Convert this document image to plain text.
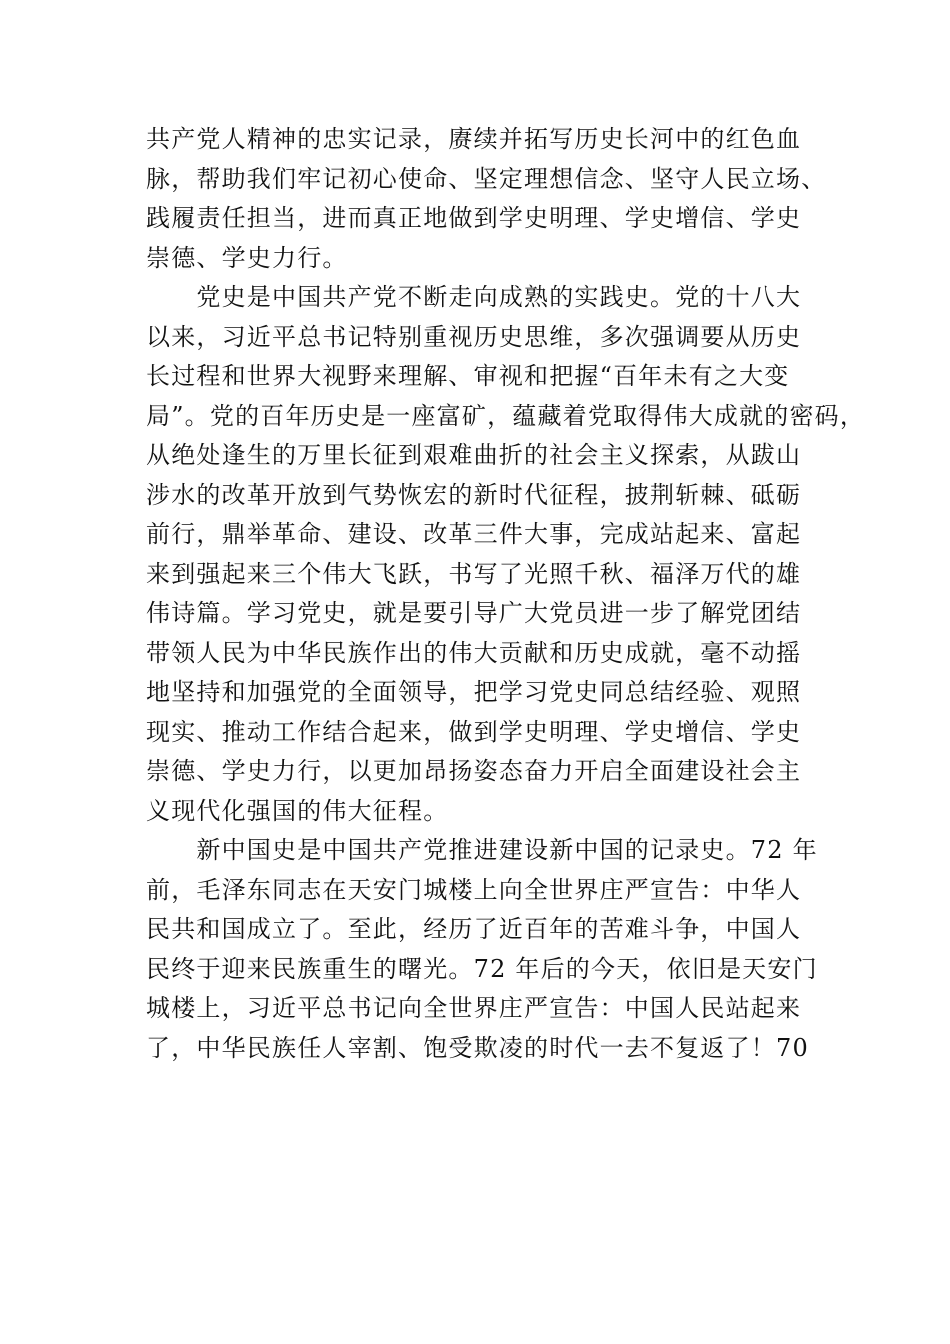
共产党人精神的忠实记录，赓续并拓写历史长河中的红色血
脉，帮助我们牢记初心使命、坚定理想信念、坚守人民立场、
践履责任担当，进而真正地做到学史明理、学史增信、学史
崇德、学史力行。
　　党史是中国共产党不断走向成熟的实践史。党的十八大
以来，习近平总书记特别重视历史思维，多次强调要从历史
长过程和世界大视野来理解、审视和把握“百年未有之大变
局”。党的百年历史是一座富矿，蕴藏着党取得伟大成就的密码，
从绝处逢生的万里长征到艰难曲折的社会主义探索，从跋山
涉水的改革开放到气势恢宏的新时代征程，披荆斩棘、砥砺
前行，鼎举革命、建设、改革三件大事，完成站起来、富起
来到强起来三个伟大飞跃，书写了光照千秋、福泽万代的雄
伟诗篇。学习党史，就是要引导广大党员进一步了解党团结
带领人民为中华民族作出的伟大贡献和历史成就，毫不动摇
地坚持和加强党的全面领导，把学习党史同总结经验、观照
现实、推动工作结合起来，做到学史明理、学史增信、学史
崇德、学史力行，以更加昂扬姿态奋力开启全面建设社会主
义现代化强国的伟大征程。
　　新中国史是中国共产党推进建设新中国的记录史。72 年
前，毛泽东同志在天安门城楼上向全世界庄严宣告：中华人
民共和国成立了。至此，经历了近百年的苦难斗争，中国人
民终于迎来民族重生的曙光。72 年后的今天，依旧是天安门
城楼上，习近平总书记向全世界庄严宣告：中国人民站起来
了，中华民族任人宰割、饱受欺凌的时代一去不复返了！70
